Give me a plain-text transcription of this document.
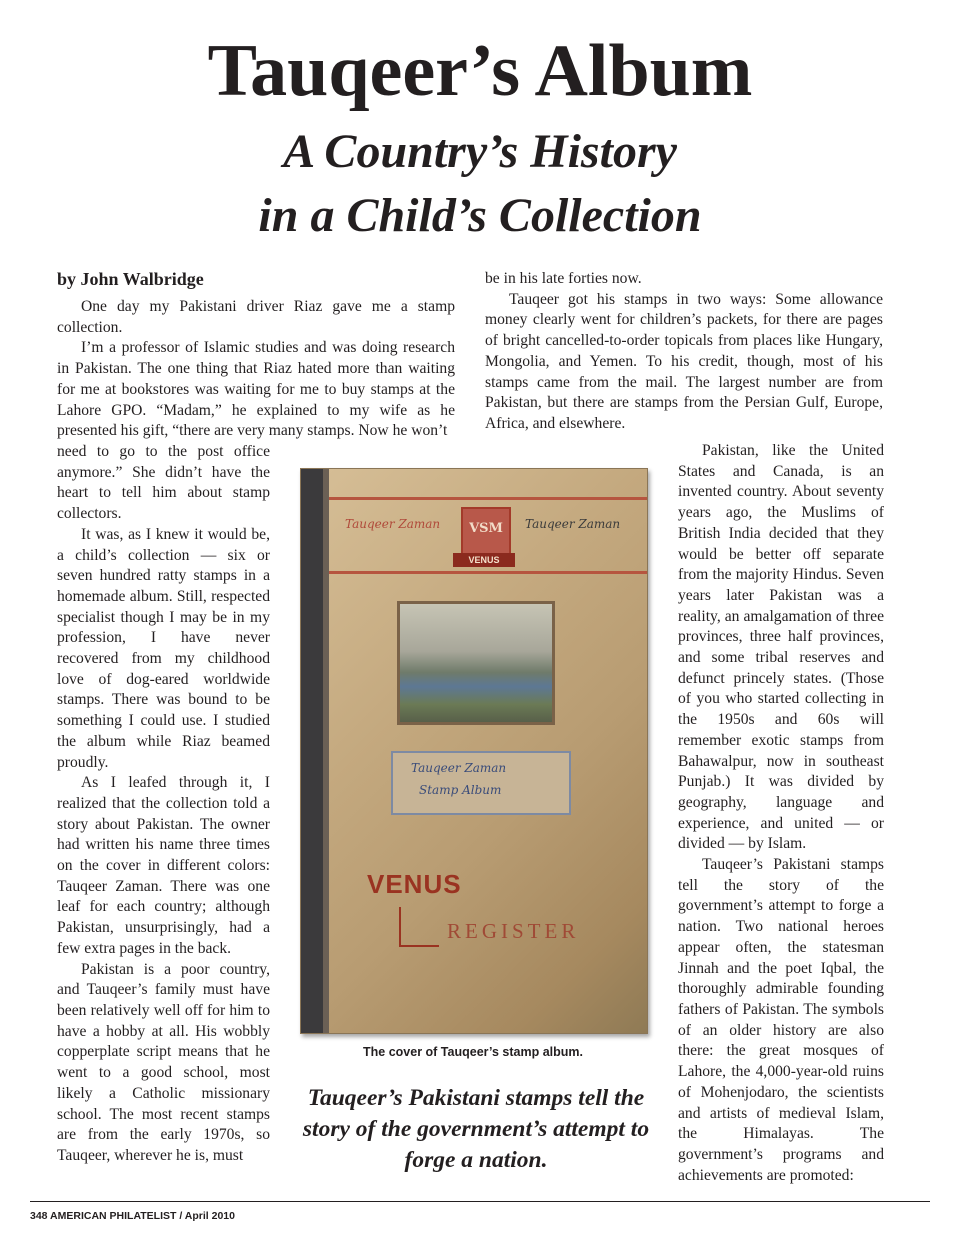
Tauqeer’s Album
A Country’s History
in a Child’s Collection
by John Walbridge

One day my Pakistani driver Riaz gave me a stamp collection.

I’m a professor of Islamic studies and was doing research in Pakistan. The one thing that Riaz hated more than waiting for me at bookstores was waiting for me to buy stamps at the Lahore GPO. “Madam,” he explained to my wife as he presented his gift, “there are very many stamps. Now he won’t

need to go to the post office anymore.” She didn’t have the heart to tell him about stamp collectors.

It was, as I knew it would be, a child’s collection — six or seven hundred ratty stamps in a homemade album. Still, respected specialist though I may be in my profession, I have never recovered from my childhood love of dog-eared worldwide stamps. There was bound to be something I could use. I studied the album while Riaz beamed proudly.

As I leafed through it, I realized that the collection told a story about Pakistan. The owner had written his name three times on the cover in different colors: Tauqeer Zaman. There was one leaf for each country; although Pakistan, unsurprisingly, had a few extra pages in the back.

Pakistan is a poor country, and Tauqeer’s family must have been relatively well off for him to have a hobby at all. His wobbly copperplate script means that he went to a good school, most likely a Catholic missionary school. The most recent stamps are from the early 1970s, so Tauqeer, wherever he is, must

be in his late forties now.

Tauqeer got his stamps in two ways: Some allowance money clearly went for children’s packets, for there are pages of bright cancelled-to-order topicals from places like Hungary, Mongolia, and Yemen. To his credit, though, most of his stamps came from the mail. The largest number are from Pakistan, but there are stamps from the Persian Gulf, Europe, Africa, and elsewhere.

Pakistan, like the United States and Canada, is an invented country. About seventy years ago, the Muslims of British India decided that they would be better off separate from the majority Hindus. Seven years later Pakistan was a reality, an amalgamation of three provinces, three half provinces, and some tribal reserves and defunct princely states. (Those of you who started collecting in the 1950s and 60s will remember exotic stamps from Bahawalpur, now in southeast Punjab.) It was divided by geography, language and experience, and united — or divided — by Islam.

Tauqeer’s Pakistani stamps tell the story of the government’s attempt to forge a nation. Two national heroes appear often, the statesman Jinnah and the poet Iqbal, the thoroughly admirable founding fathers of Pakistan. The symbols of an older history are also there: the great mosques of Lahore, the 4,000-year-old ruins of Mohenjodaro, the scientists and artists of medieval Islam, the Himalayas. The government’s programs and achievements are promoted:

Tauqeer Zaman	Tauqeer Zaman
VSM
VENUS
Tauqeer Zaman
Stamp Album
VENUS
REGISTER
The cover of Tauqeer’s stamp album.
Tauqeer’s Pakistani stamps tell the story of the government’s attempt to forge a nation.
348 AMERICAN PHILATELIST / April 2010
